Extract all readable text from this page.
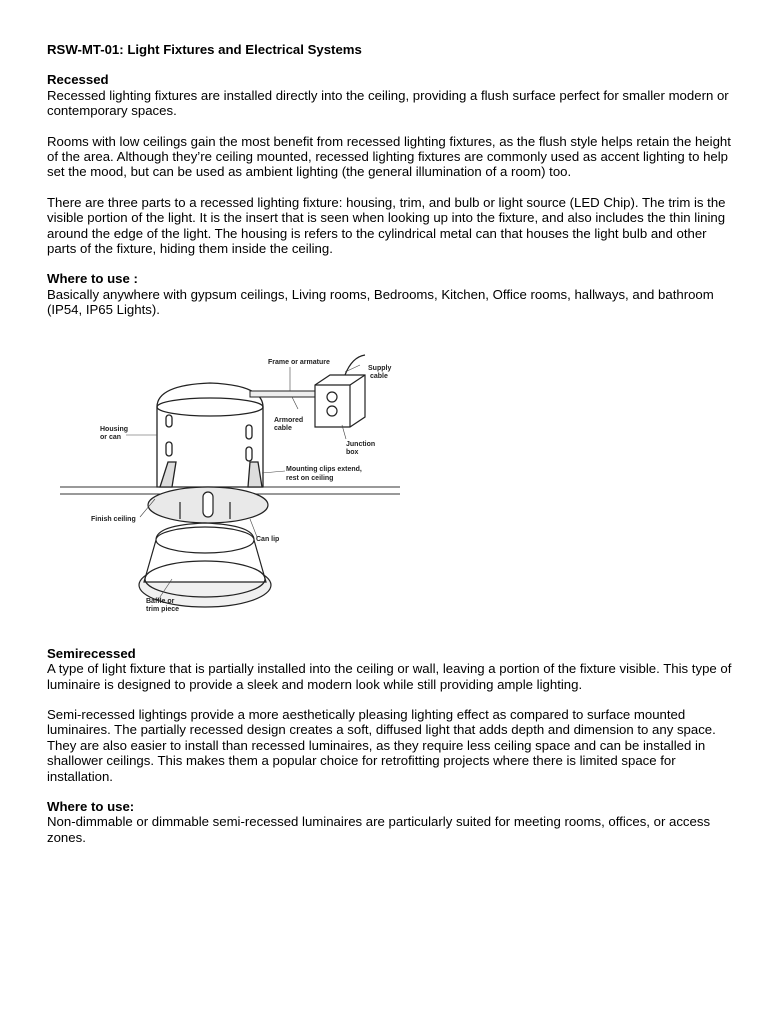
RSW-MT-01: Light Fixtures and Electrical Systems
Recessed

Recessed lighting fixtures are installed directly into the ceiling, providing a flush surface perfect for smaller modern or contemporary spaces.

Rooms with low ceilings gain the most benefit from recessed lighting fixtures, as the flush style helps retain the height of the area. Although they’re ceiling mounted, recessed lighting fixtures are commonly used as accent lighting to help set the mood, but can be used as ambient lighting (the general illumination of a room) too.

There are three parts to a recessed lighting fixture: housing, trim, and bulb or light source (LED Chip). The trim is the visible portion of the light. It is the insert that is seen when looking up into the fixture, and also includes the thin lining around the edge of the light. The housing is refers to the cylindrical metal can that houses the light bulb and other parts of the fixture, hiding them inside the ceiling.

Where to use :

Basically anywhere with gypsum ceilings, Living rooms, Bedrooms, Kitchen, Office rooms, hallways, and bathroom (IP54, IP65 Lights).

Semirecessed

A type of light fixture that is partially installed into the ceiling or wall, leaving a portion of the fixture visible. This type of luminaire is designed to provide a sleek and modern look while still providing ample lighting.

Semi-recessed lightings provide a more aesthetically pleasing lighting effect as compared to surface mounted luminaires. The partially recessed design creates a soft, diffused light that adds depth and dimension to any space. They are also easier to install than recessed luminaires, as they require less ceiling space and can be installed in shallower ceilings. This makes them a popular choice for retrofitting projects where there is limited space for installation.

Where to use:

Non-dimmable or dimmable semi-recessed luminaires are particularly suited for meeting rooms, offices, or access zones.

Frame or armature
Supply
cable
Armored
cable
Housing
or can
Junction
box
Mounting clips extend,
rest on ceiling
Finish ceiling
Can lip
Baffle or
trim piece
